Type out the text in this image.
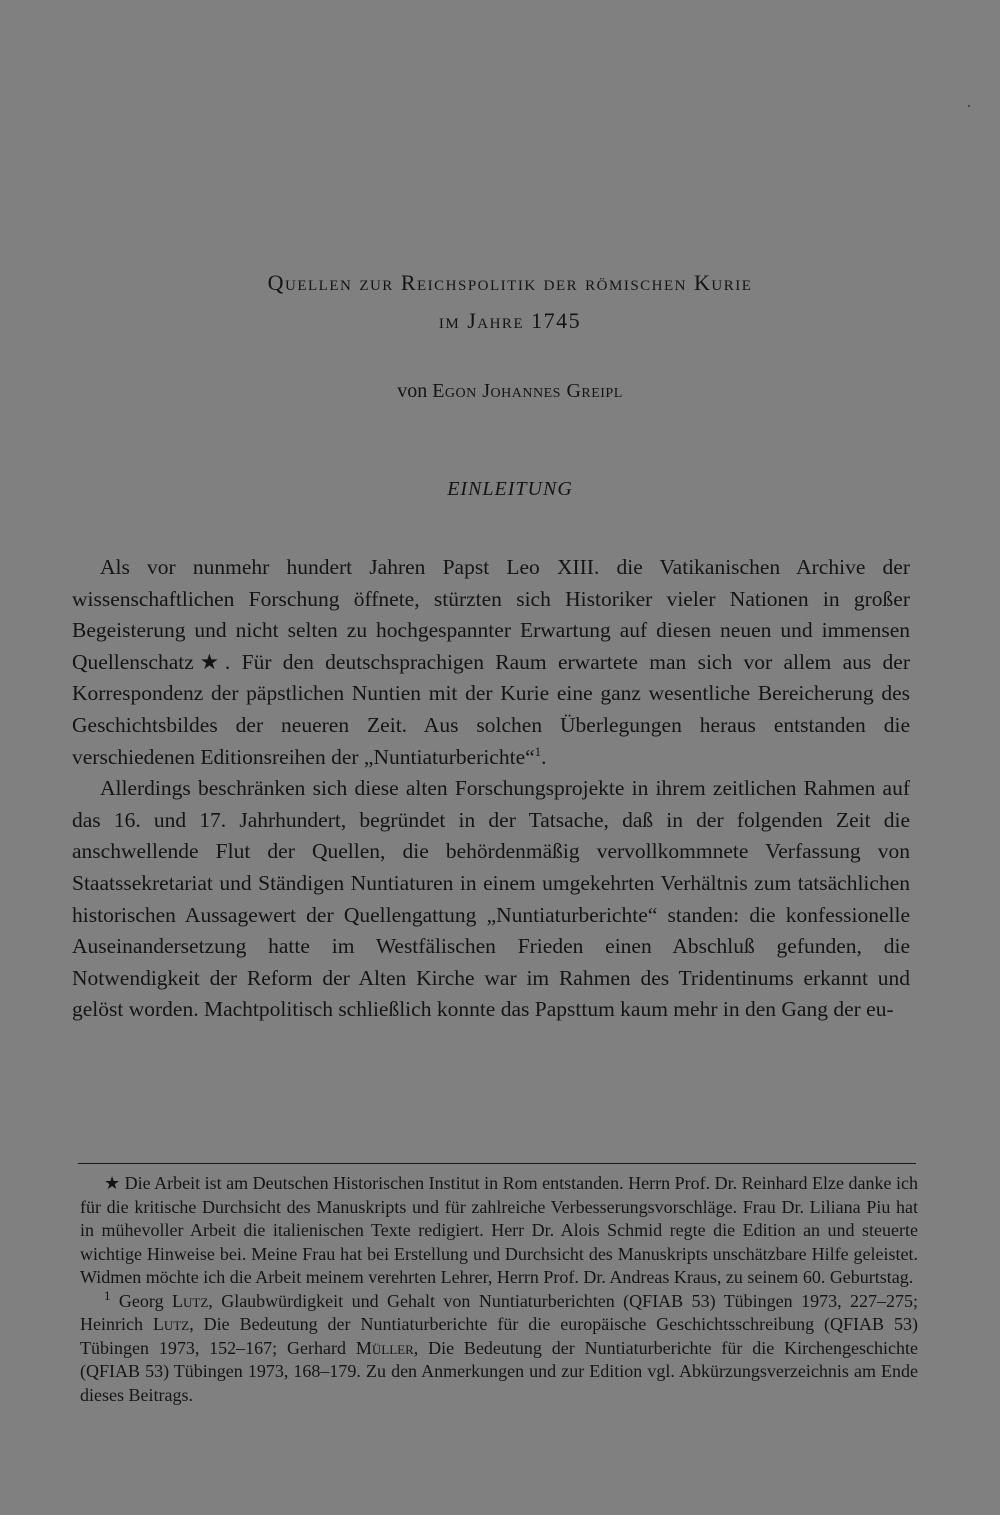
Quellen zur Reichspolitik der römischen Kurie
im Jahre 1745
von Egon Johannes Greipl
EINLEITUNG

Als vor nunmehr hundert Jahren Papst Leo XIII. die Vatikanischen Archive der wissenschaftlichen Forschung öffnete, stürzten sich Historiker vieler Nationen in großer Begeisterung und nicht selten zu hochgespannter Erwartung auf diesen neuen und immensen Quellenschatz★. Für den deutschsprachigen Raum erwartete man sich vor allem aus der Korrespondenz der päpstlichen Nuntien mit der Kurie eine ganz wesentliche Bereicherung des Geschichtsbildes der neueren Zeit. Aus solchen Überlegungen heraus entstanden die verschiedenen Editionsreihen der „Nuntiaturberichte“$^1$.

Allerdings beschränken sich diese alten Forschungsprojekte in ihrem zeitlichen Rahmen auf das 16. und 17. Jahrhundert, begründet in der Tatsache, daß in der folgenden Zeit die anschwellende Flut der Quellen, die behördenmäßig vervollkommnete Verfassung von Staatssekretariat und Ständigen Nuntiaturen in einem umgekehrten Verhältnis zum tatsächlichen historischen Aussagewert der Quellengattung „Nuntiaturberichte“ standen: die konfessionelle Auseinandersetzung hatte im Westfälischen Frieden einen Abschluß gefunden, die Notwendigkeit der Reform der Alten Kirche war im Rahmen des Tridentinums erkannt und gelöst worden. Machtpolitisch schließlich konnte das Papsttum kaum mehr in den Gang der eu-

★ Die Arbeit ist am Deutschen Historischen Institut in Rom entstanden. Herrn Prof. Dr. Reinhard Elze danke ich für die kritische Durchsicht des Manuskripts und für zahlreiche Verbesserungsvorschläge. Frau Dr. Liliana Piu hat in mühevoller Arbeit die italienischen Texte redigiert. Herr Dr. Alois Schmid regte die Edition an und steuerte wichtige Hinweise bei. Meine Frau hat bei Erstellung und Durchsicht des Manuskripts unschätzbare Hilfe geleistet. Widmen möchte ich die Arbeit meinem verehrten Lehrer, Herrn Prof. Dr. Andreas Kraus, zu seinem 60. Geburtstag.

$^1$ Georg Lutz, Glaubwürdigkeit und Gehalt von Nuntiaturberichten (QFIAB 53) Tübingen 1973, 227–275; Heinrich Lutz, Die Bedeutung der Nuntiaturberichte für die europäische Geschichtsschreibung (QFIAB 53) Tübingen 1973, 152–167; Gerhard Müller, Die Bedeutung der Nuntiaturberichte für die Kirchengeschichte (QFIAB 53) Tübingen 1973, 168–179. Zu den Anmerkungen und zur Edition vgl. Abkürzungsverzeichnis am Ende dieses Beitrags.
